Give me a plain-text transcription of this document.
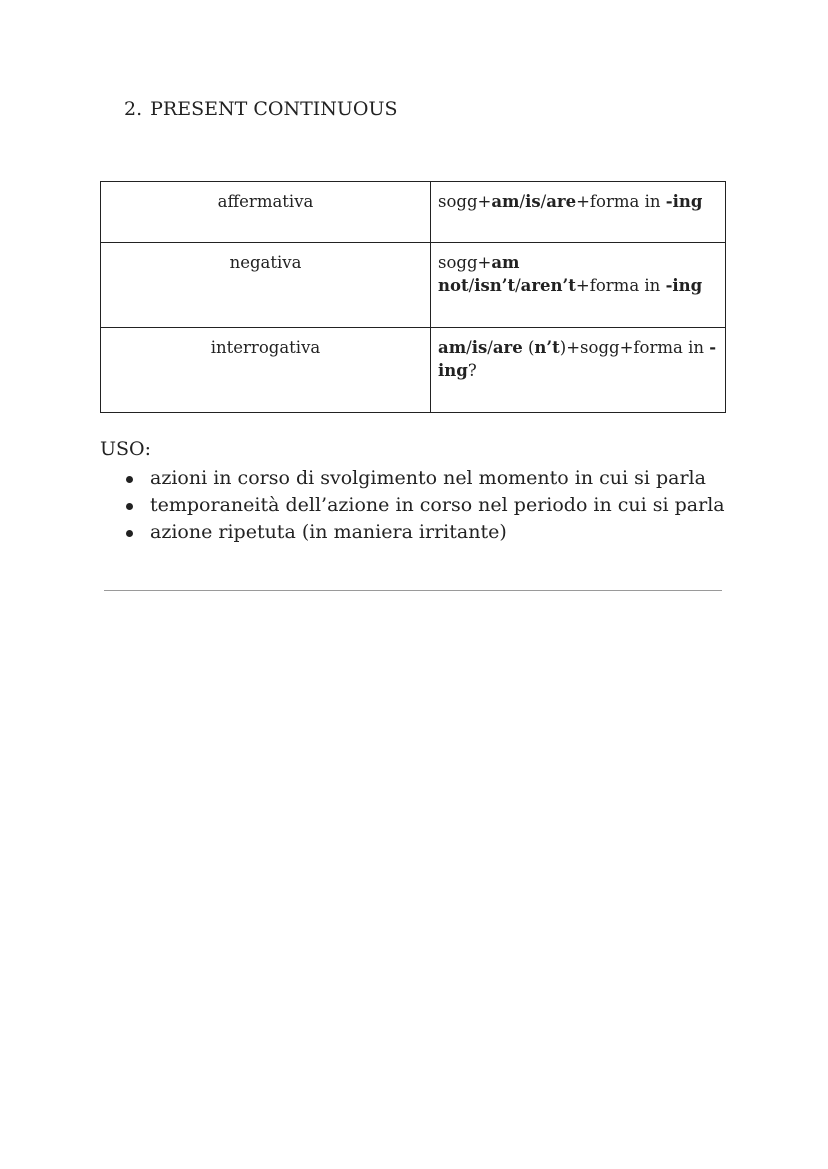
2. PRESENT CONTINUOUS
affermativa	sogg+am/is/are+forma in -ing
negativa	sogg+am not/isn’t/aren’t+forma in -ing
interrogativa	am/is/are (n’t)+sogg+forma in -ing?
USO:
azioni in corso di svolgimento nel momento in cui si parla
temporaneità dell’azione in corso nel periodo in cui si parla
azione ripetuta (in maniera irritante)
